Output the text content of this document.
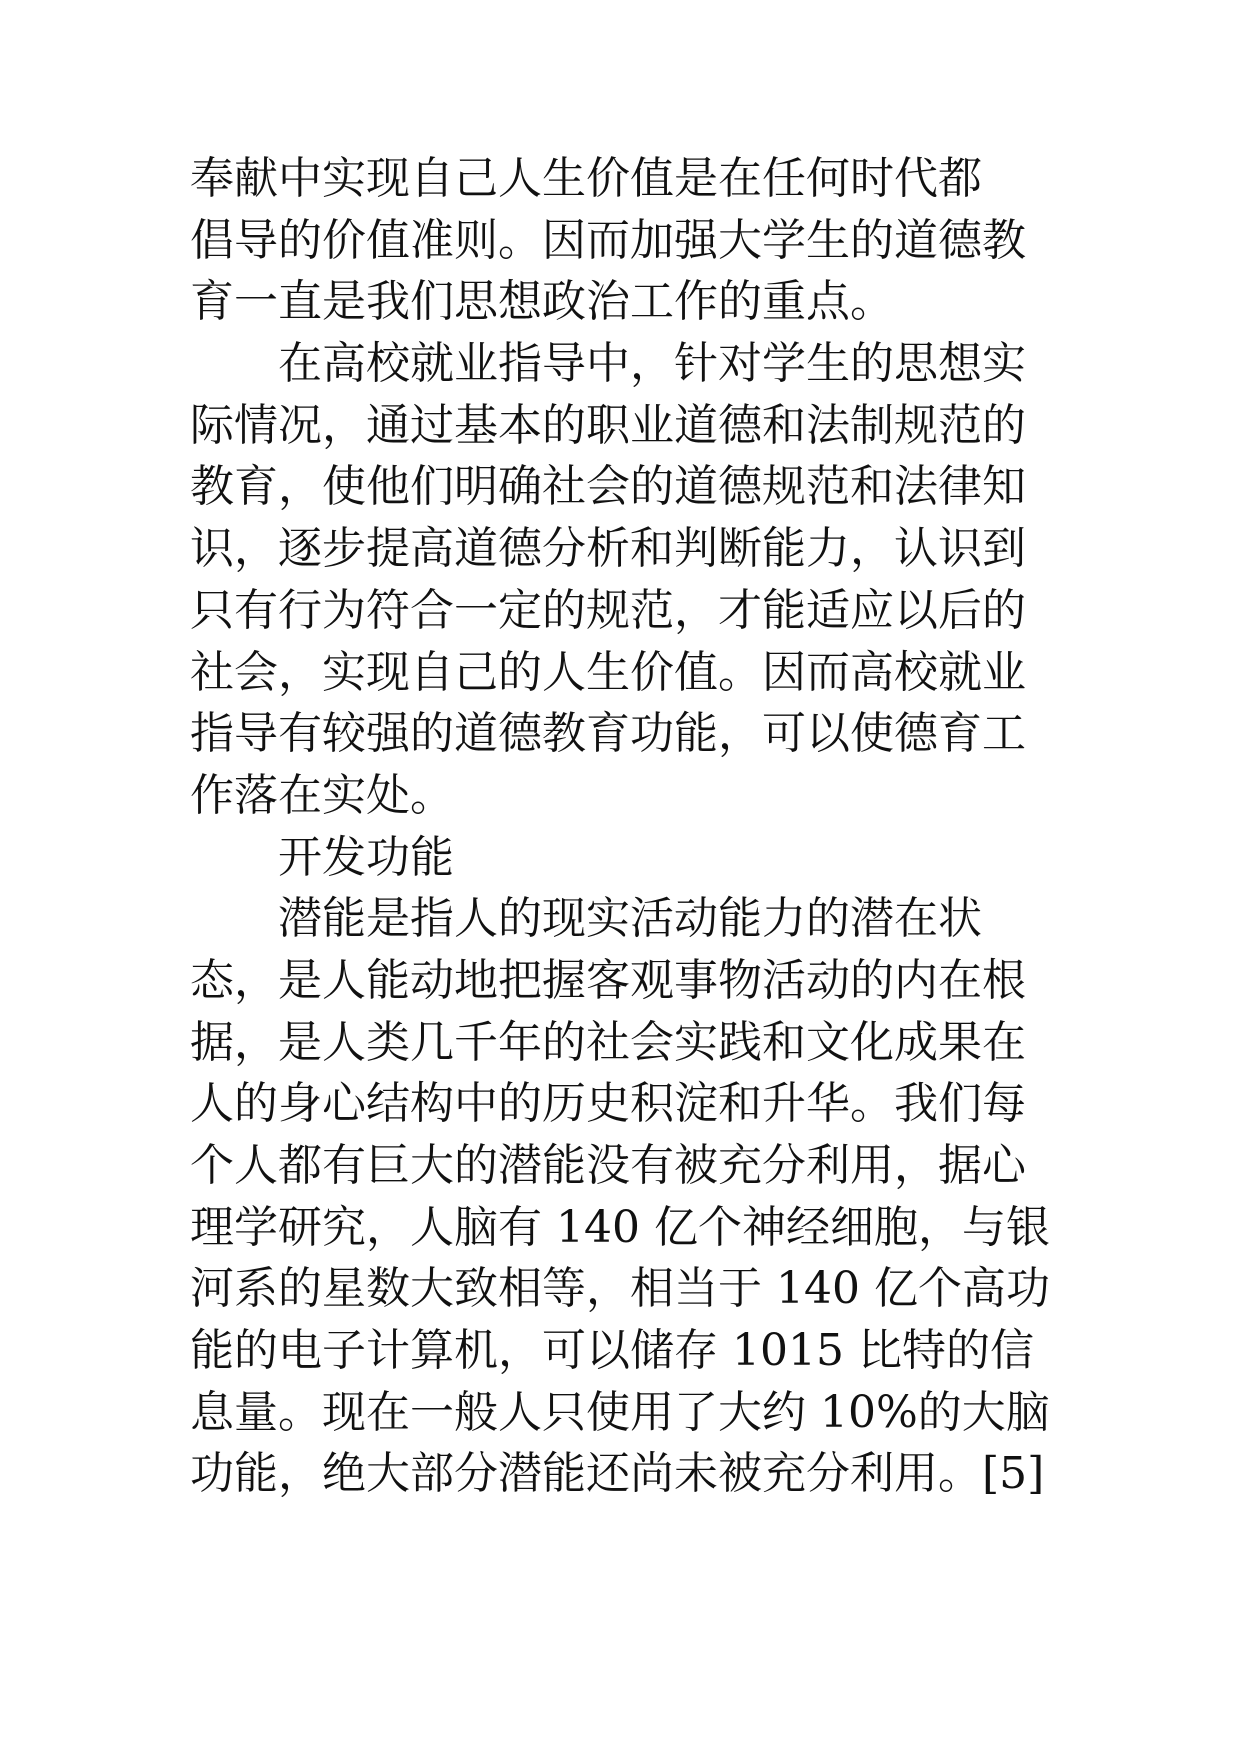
奉献中实现自己人生价值是在任何时代都
倡导的价值准则。因而加强大学生的道德教
育一直是我们思想政治工作的重点。
在高校就业指导中，针对学生的思想实
际情况，通过基本的职业道德和法制规范的
教育，使他们明确社会的道德规范和法律知
识，逐步提高道德分析和判断能力，认识到
只有行为符合一定的规范，才能适应以后的
社会，实现自己的人生价值。因而高校就业
指导有较强的道德教育功能，可以使德育工
作落在实处。
开发功能
潜能是指人的现实活动能力的潜在状
态，是人能动地把握客观事物活动的内在根
据，是人类几千年的社会实践和文化成果在
人的身心结构中的历史积淀和升华。我们每
个人都有巨大的潜能没有被充分利用，据心
理学研究，人脑有 140 亿个神经细胞，与银
河系的星数大致相等，相当于 140 亿个高功
能的电子计算机，可以储存 1015 比特的信
息量。现在一般人只使用了大约 10%的大脑
功能，绝大部分潜能还尚未被充分利用。[5]
